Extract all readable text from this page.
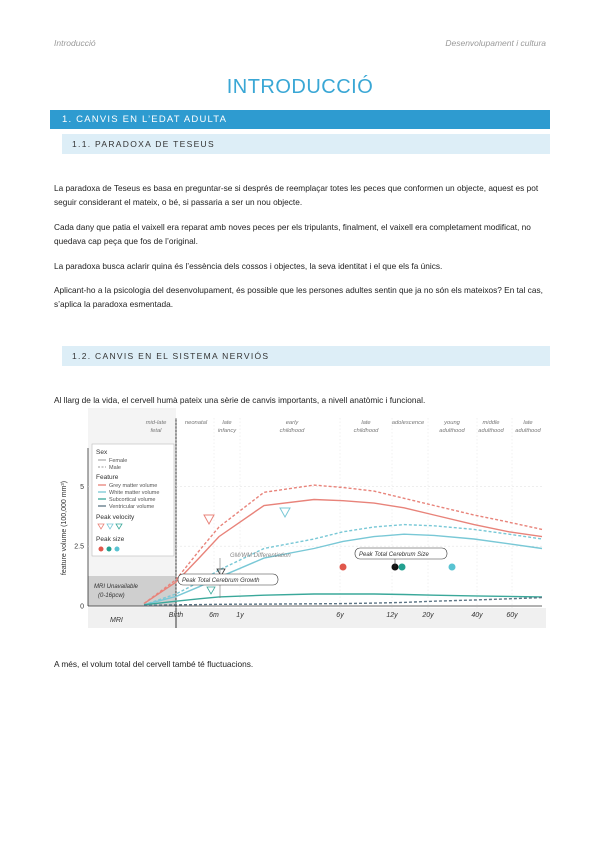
Introducció	Desenvolupament i cultura
INTRODUCCIÓ
1. CANVIS EN L’EDAT ADULTA
1.1. PARADOXA DE TESEUS

La paradoxa de Teseus es basa en preguntar-se si després de reemplaçar totes les peces que conformen un objecte, aquest es pot seguir considerant el mateix, o bé, si passaria a ser un nou objecte.

Cada dany que patia el vaixell era reparat amb noves peces per els tripulants, finalment, el vaixell era completament modificat, no quedava cap peça que fos de l’original.

La paradoxa busca aclarir quina és l’essència dels cossos i objectes, la seva identitat i el que els fa únics.

Aplicant-ho a la psicologia del desenvolupament, és possible que les persones adultes sentin que ja no són els mateixos? En tal cas, s’aplica la paradoxa esmentada.

1.2. CANVIS EN EL SISTEMA NERVIÓS

Al llarg de la vida, el cervell humà pateix una sèrie de canvis importants, a nivell anatòmic i funcional.

MRI Unavailable
(0-16pcw)
MRI
feature volume (100,000 mm³)
0
2.5
5
Birth	6m 1y	6y	12y	20y	40y	60y
mid-late
fetal
neonatal	late
infancy
early
childhood
late
childhood
adolescence	young
adulthood
middle
adulthood
late
adulthood
GM/WM Differentiation
Peak Total Cerebrum Growth
Peak Total Cerebrum Size
Sex
Female
Male
Feature
Grey matter volume
White matter volume
Subcortical volume
Ventricular volume
Peak velocity
Peak size

A més, el volum total del cervell també té fluctuacions.
